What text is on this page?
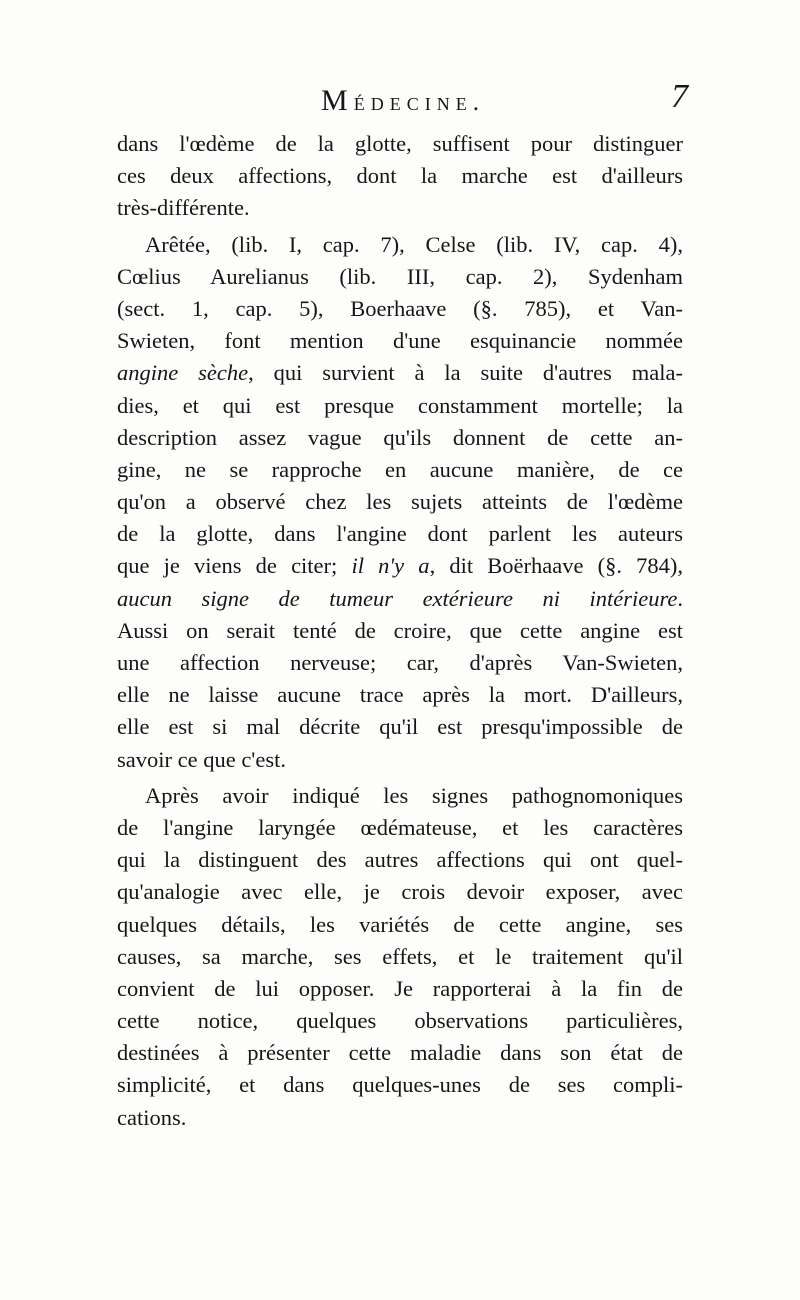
Médecine.	7
dans l'œdème de la glotte, suffisent pour distinguer
ces deux affections, dont la marche est d'ailleurs
très-différente.
Arêtée, (lib. I, cap. 7), Celse (lib. IV, cap. 4),
Cœlius Aurelianus (lib. III, cap. 2), Sydenham
(sect. 1, cap. 5), Boerhaave (§. 785), et Van-
Swieten, font mention d'une esquinancie nommée
angine sèche, qui survient à la suite d'autres mala-
dies, et qui est presque constamment mortelle; la
description assez vague qu'ils donnent de cette an-
gine, ne se rapproche en aucune manière, de ce
qu'on a observé chez les sujets atteints de l'œdème
de la glotte, dans l'angine dont parlent les auteurs
que je viens de citer; il n'y a, dit Boërhaave (§. 784),
aucun signe de tumeur extérieure ni intérieure.
Aussi on serait tenté de croire, que cette angine est
une affection nerveuse; car, d'après Van-Swieten,
elle ne laisse aucune trace après la mort. D'ailleurs,
elle est si mal décrite qu'il est presqu'impossible de
savoir ce que c'est.
Après avoir indiqué les signes pathognomoniques
de l'angine laryngée œdémateuse, et les caractères
qui la distinguent des autres affections qui ont quel-
qu'analogie avec elle, je crois devoir exposer, avec
quelques détails, les variétés de cette angine, ses
causes, sa marche, ses effets, et le traitement qu'il
convient de lui opposer. Je rapporterai à la fin de
cette notice, quelques observations particulières,
destinées à présenter cette maladie dans son état de
simplicité, et dans quelques-unes de ses compli-
cations.
